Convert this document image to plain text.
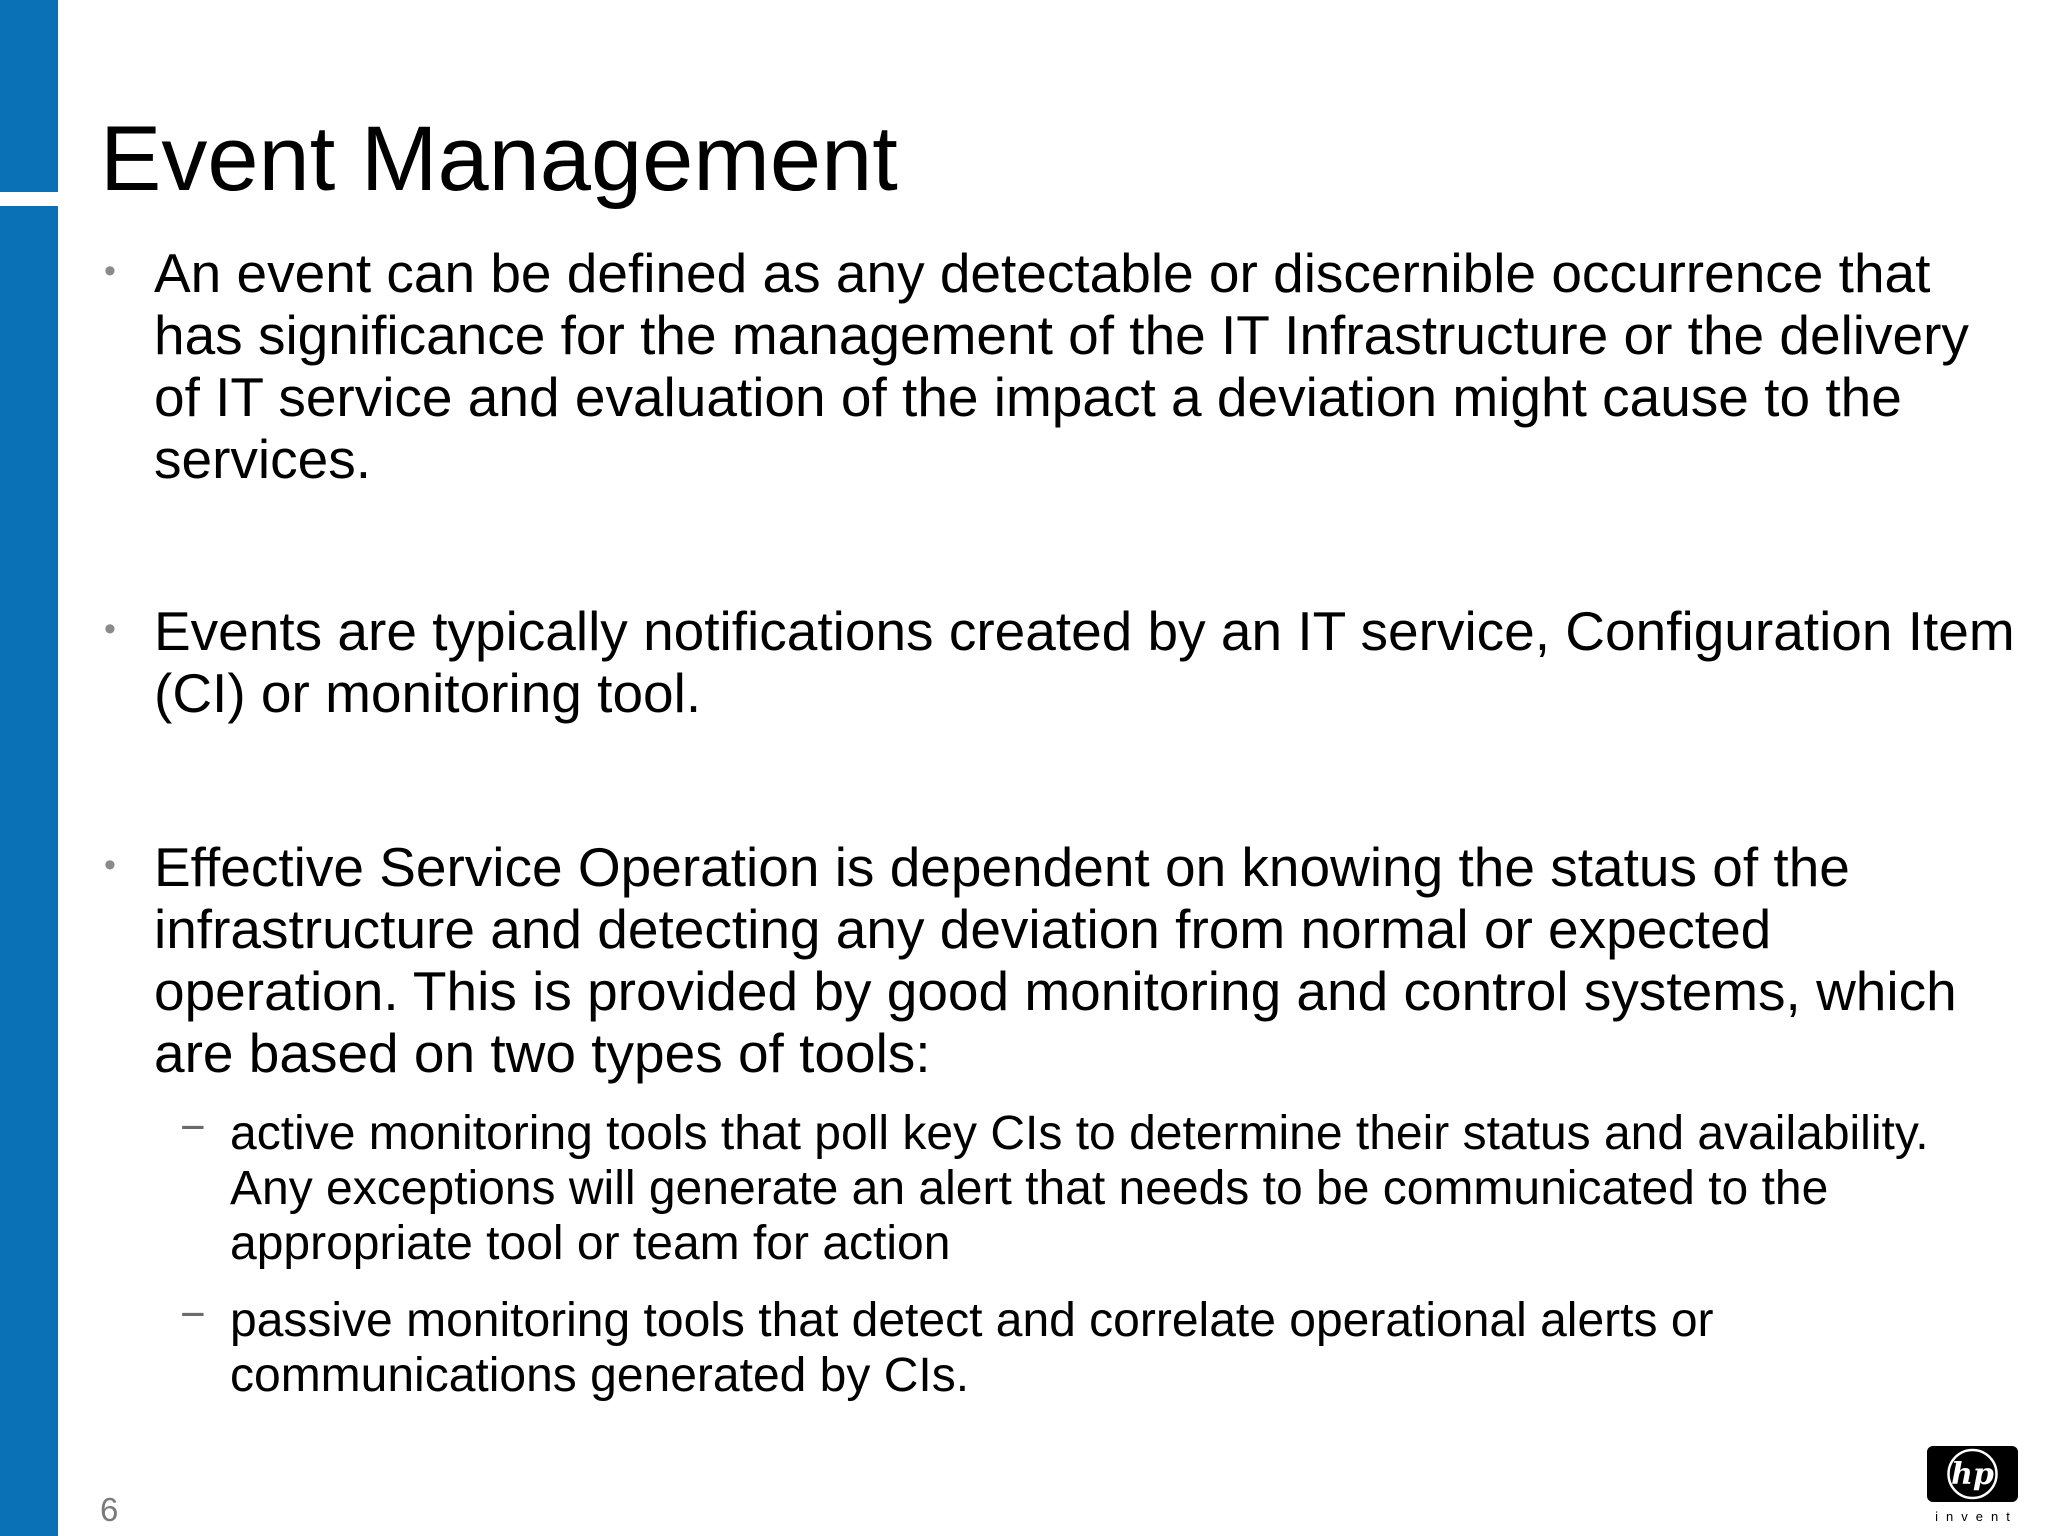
Event Management
• An event can be defined as any detectable or discernible occurrence that has significance for the management of the IT Infrastructure or the delivery of IT service and evaluation of the impact a deviation might cause to the services.
• Events are typically notifications created by an IT service, Configuration Item (CI) or monitoring tool.
• Effective Service Operation is dependent on knowing the status of the infrastructure and detecting any deviation from normal or expected operation. This is provided by good monitoring and control systems, which are based on two types of tools:
− active monitoring tools that poll key CIs to determine their status and availability. Any exceptions will generate an alert that needs to be communicated to the appropriate tool or team for action
− passive monitoring tools that detect and correlate operational alerts or communications generated by CIs.
6
hp
invent
